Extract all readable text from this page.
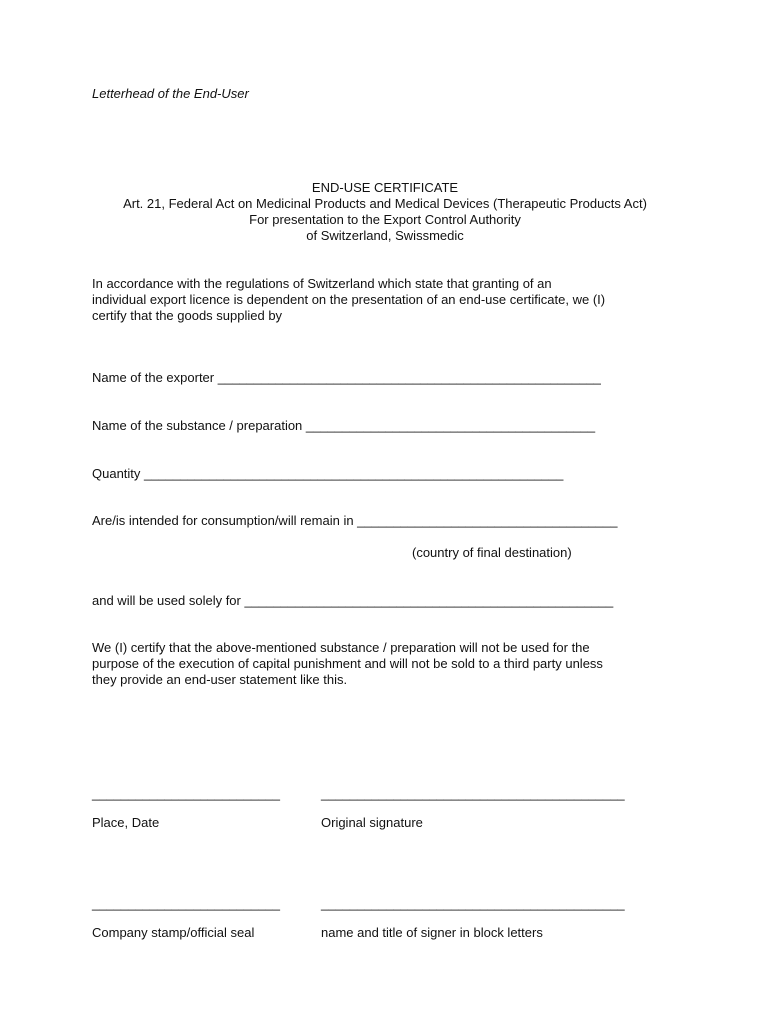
Letterhead of the End-User
END-USE CERTIFICATE
Art. 21, Federal Act on Medicinal Products and Medical Devices (Therapeutic Products Act)
For presentation to the Export Control Authority
of Switzerland, Swissmedic
In accordance with the regulations of Switzerland which state that granting of an
individual export licence is dependent on the presentation of an end-use certificate, we (I)
certify that the goods supplied by
Name of the exporter _____________________________________________________
Name of the substance / preparation ________________________________________
Quantity __________________________________________________________
Are/is intended for consumption/will remain in ____________________________________
(country of final destination)
and will be used solely for ___________________________________________________
We (I) certify that the above-mentioned substance / preparation will not be used for the
purpose of the execution of capital punishment and will not be sold to a third party unless
they provide an end-user statement like this.
__________________________	__________________________________________
Place, Date	Original signature
__________________________	__________________________________________
Company stamp/official seal	name and title of signer in block letters
